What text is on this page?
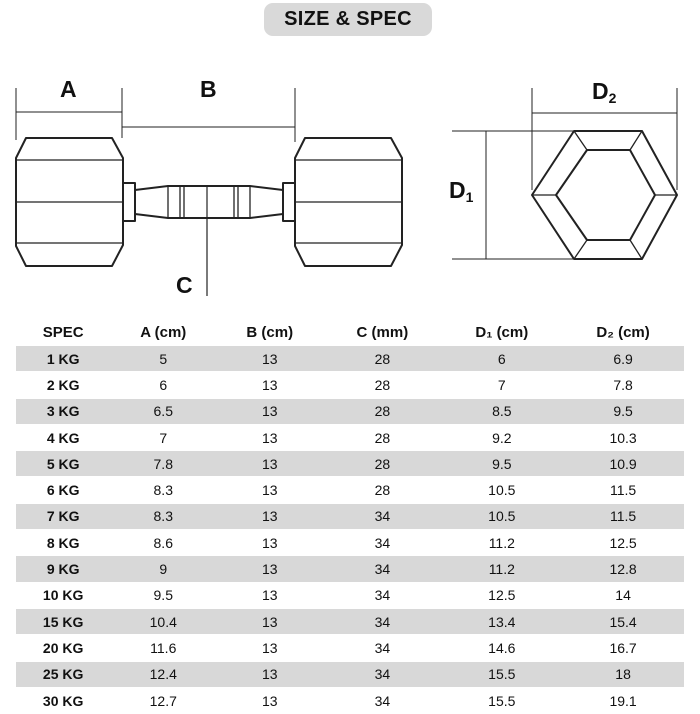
SIZE & SPEC
A	B
C
$D_2$
$D_1$
SPEC	A (cm)	B (cm)	C (mm)	D₁ (cm)	D₂ (cm)
1 KG	5	13	28	6	6.9
2 KG	6	13	28	7	7.8
3 KG	6.5	13	28	8.5	9.5
4 KG	7	13	28	9.2	10.3
5 KG	7.8	13	28	9.5	10.9
6 KG	8.3	13	28	10.5	11.5
7 KG	8.3	13	34	10.5	11.5
8 KG	8.6	13	34	11.2	12.5
9 KG	9	13	34	11.2	12.8
10 KG	9.5	13	34	12.5	14
15 KG	10.4	13	34	13.4	15.4
20 KG	11.6	13	34	14.6	16.7
25 KG	12.4	13	34	15.5	18
30 KG	12.7	13	34	15.5	19.1
